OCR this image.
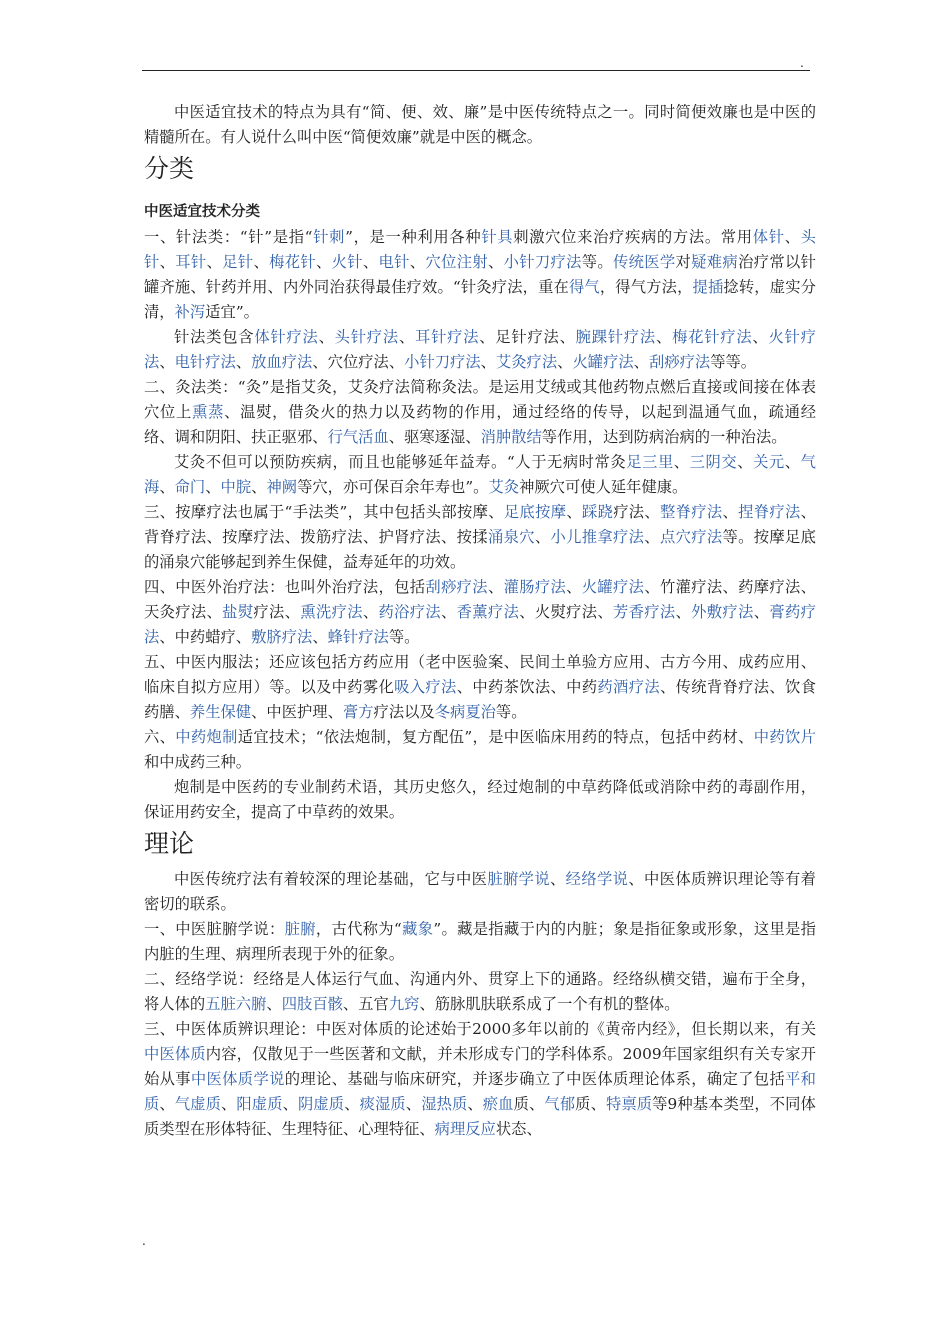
.

中医适宜技术的特点为具有“简、便、效、廉”是中医传统特点之一。同时简便效廉也是中医的精髓所在。有人说什么叫中医“简便效廉”就是中医的概念。

分类
中医适宜技术分类

一、针法类：“针”是指“针刺”，是一种利用各种针具刺激穴位来治疗疾病的方法。常用体针、头针、耳针、足针、梅花针、火针、电针、穴位注射、小针刀疗法等。传统医学对疑难病治疗常以针罐齐施、针药并用、内外同治获得最佳疗效。“针灸疗法，重在得气，得气方法，提插捻转，虚实分清，补泻适宜”。

针法类包含体针疗法、头针疗法、耳针疗法、足针疗法、腕踝针疗法、梅花针疗法、火针疗法、电针疗法、放血疗法、穴位疗法、小针刀疗法、艾灸疗法、火罐疗法、刮痧疗法等等。

二、灸法类：“灸”是指艾灸，艾灸疗法简称灸法。是运用艾绒或其他药物点燃后直接或间接在体表穴位上熏蒸、温熨，借灸火的热力以及药物的作用，通过经络的传导，以起到温通气血，疏通经络、调和阴阳、扶正驱邪、行气活血、驱寒逐湿、消肿散结等作用，达到防病治病的一种治法。

艾灸不但可以预防疾病，而且也能够延年益寿。“人于无病时常灸足三里、三阴交、关元、气海、命门、中脘、神阙等穴，亦可保百余年寿也”。艾灸神厥穴可使人延年健康。

三、按摩疗法也属于“手法类”，其中包括头部按摩、足底按摩、踩跷疗法、整脊疗法、捏脊疗法、背脊疗法、按摩疗法、拨筋疗法、护肾疗法、按揉涌泉穴、小儿推拿疗法、点穴疗法等。按摩足底的涌泉穴能够起到养生保健，益寿延年的功效。

四、中医外治疗法：也叫外治疗法，包括刮痧疗法、灌肠疗法、火罐疗法、竹灌疗法、药摩疗法、天灸疗法、盐熨疗法、熏洗疗法、药浴疗法、香薰疗法、火熨疗法、芳香疗法、外敷疗法、膏药疗法、中药蜡疗、敷脐疗法、蜂针疗法等。

五、中医内服法；还应该包括方药应用（老中医验案、民间土单验方应用、古方今用、成药应用、临床自拟方应用）等。以及中药雾化吸入疗法、中药茶饮法、中药药酒疗法、传统背脊疗法、饮食药膳、养生保健、中医护理、膏方疗法以及冬病夏治等。

六、中药炮制适宜技术；“依法炮制，复方配伍”，是中医临床用药的特点，包括中药材、中药饮片和中成药三种。

炮制是中医药的专业制药术语，其历史悠久，经过炮制的中草药降低或消除中药的毒副作用，保证用药安全，提高了中草药的效果。

理论

中医传统疗法有着较深的理论基础，它与中医脏腑学说、经络学说、中医体质辨识理论等有着密切的联系。

一、中医脏腑学说：脏腑，古代称为“藏象”。藏是指藏于内的内脏；象是指征象或形象，这里是指内脏的生理、病理所表现于外的征象。

二、经络学说：经络是人体运行气血、沟通内外、贯穿上下的通路。经络纵横交错，遍布于全身，将人体的五脏六腑、四肢百骸、五官九窍、筋脉肌肤联系成了一个有机的整体。

三、中医体质辨识理论：中医对体质的论述始于2000多年以前的《黄帝内经》，但长期以来，有关中医体质内容，仅散见于一些医著和文献，并未形成专门的学科体系。2009年国家组织有关专家开始从事中医体质学说的理论、基础与临床研究，并逐步确立了中医体质理论体系，确定了包括平和质、气虚质、阳虚质、阴虚质、痰湿质、湿热质、瘀血质、气郁质、特禀质等9种基本类型，不同体质类型在形体特征、生理特征、心理特征、病理反应状态、

.
